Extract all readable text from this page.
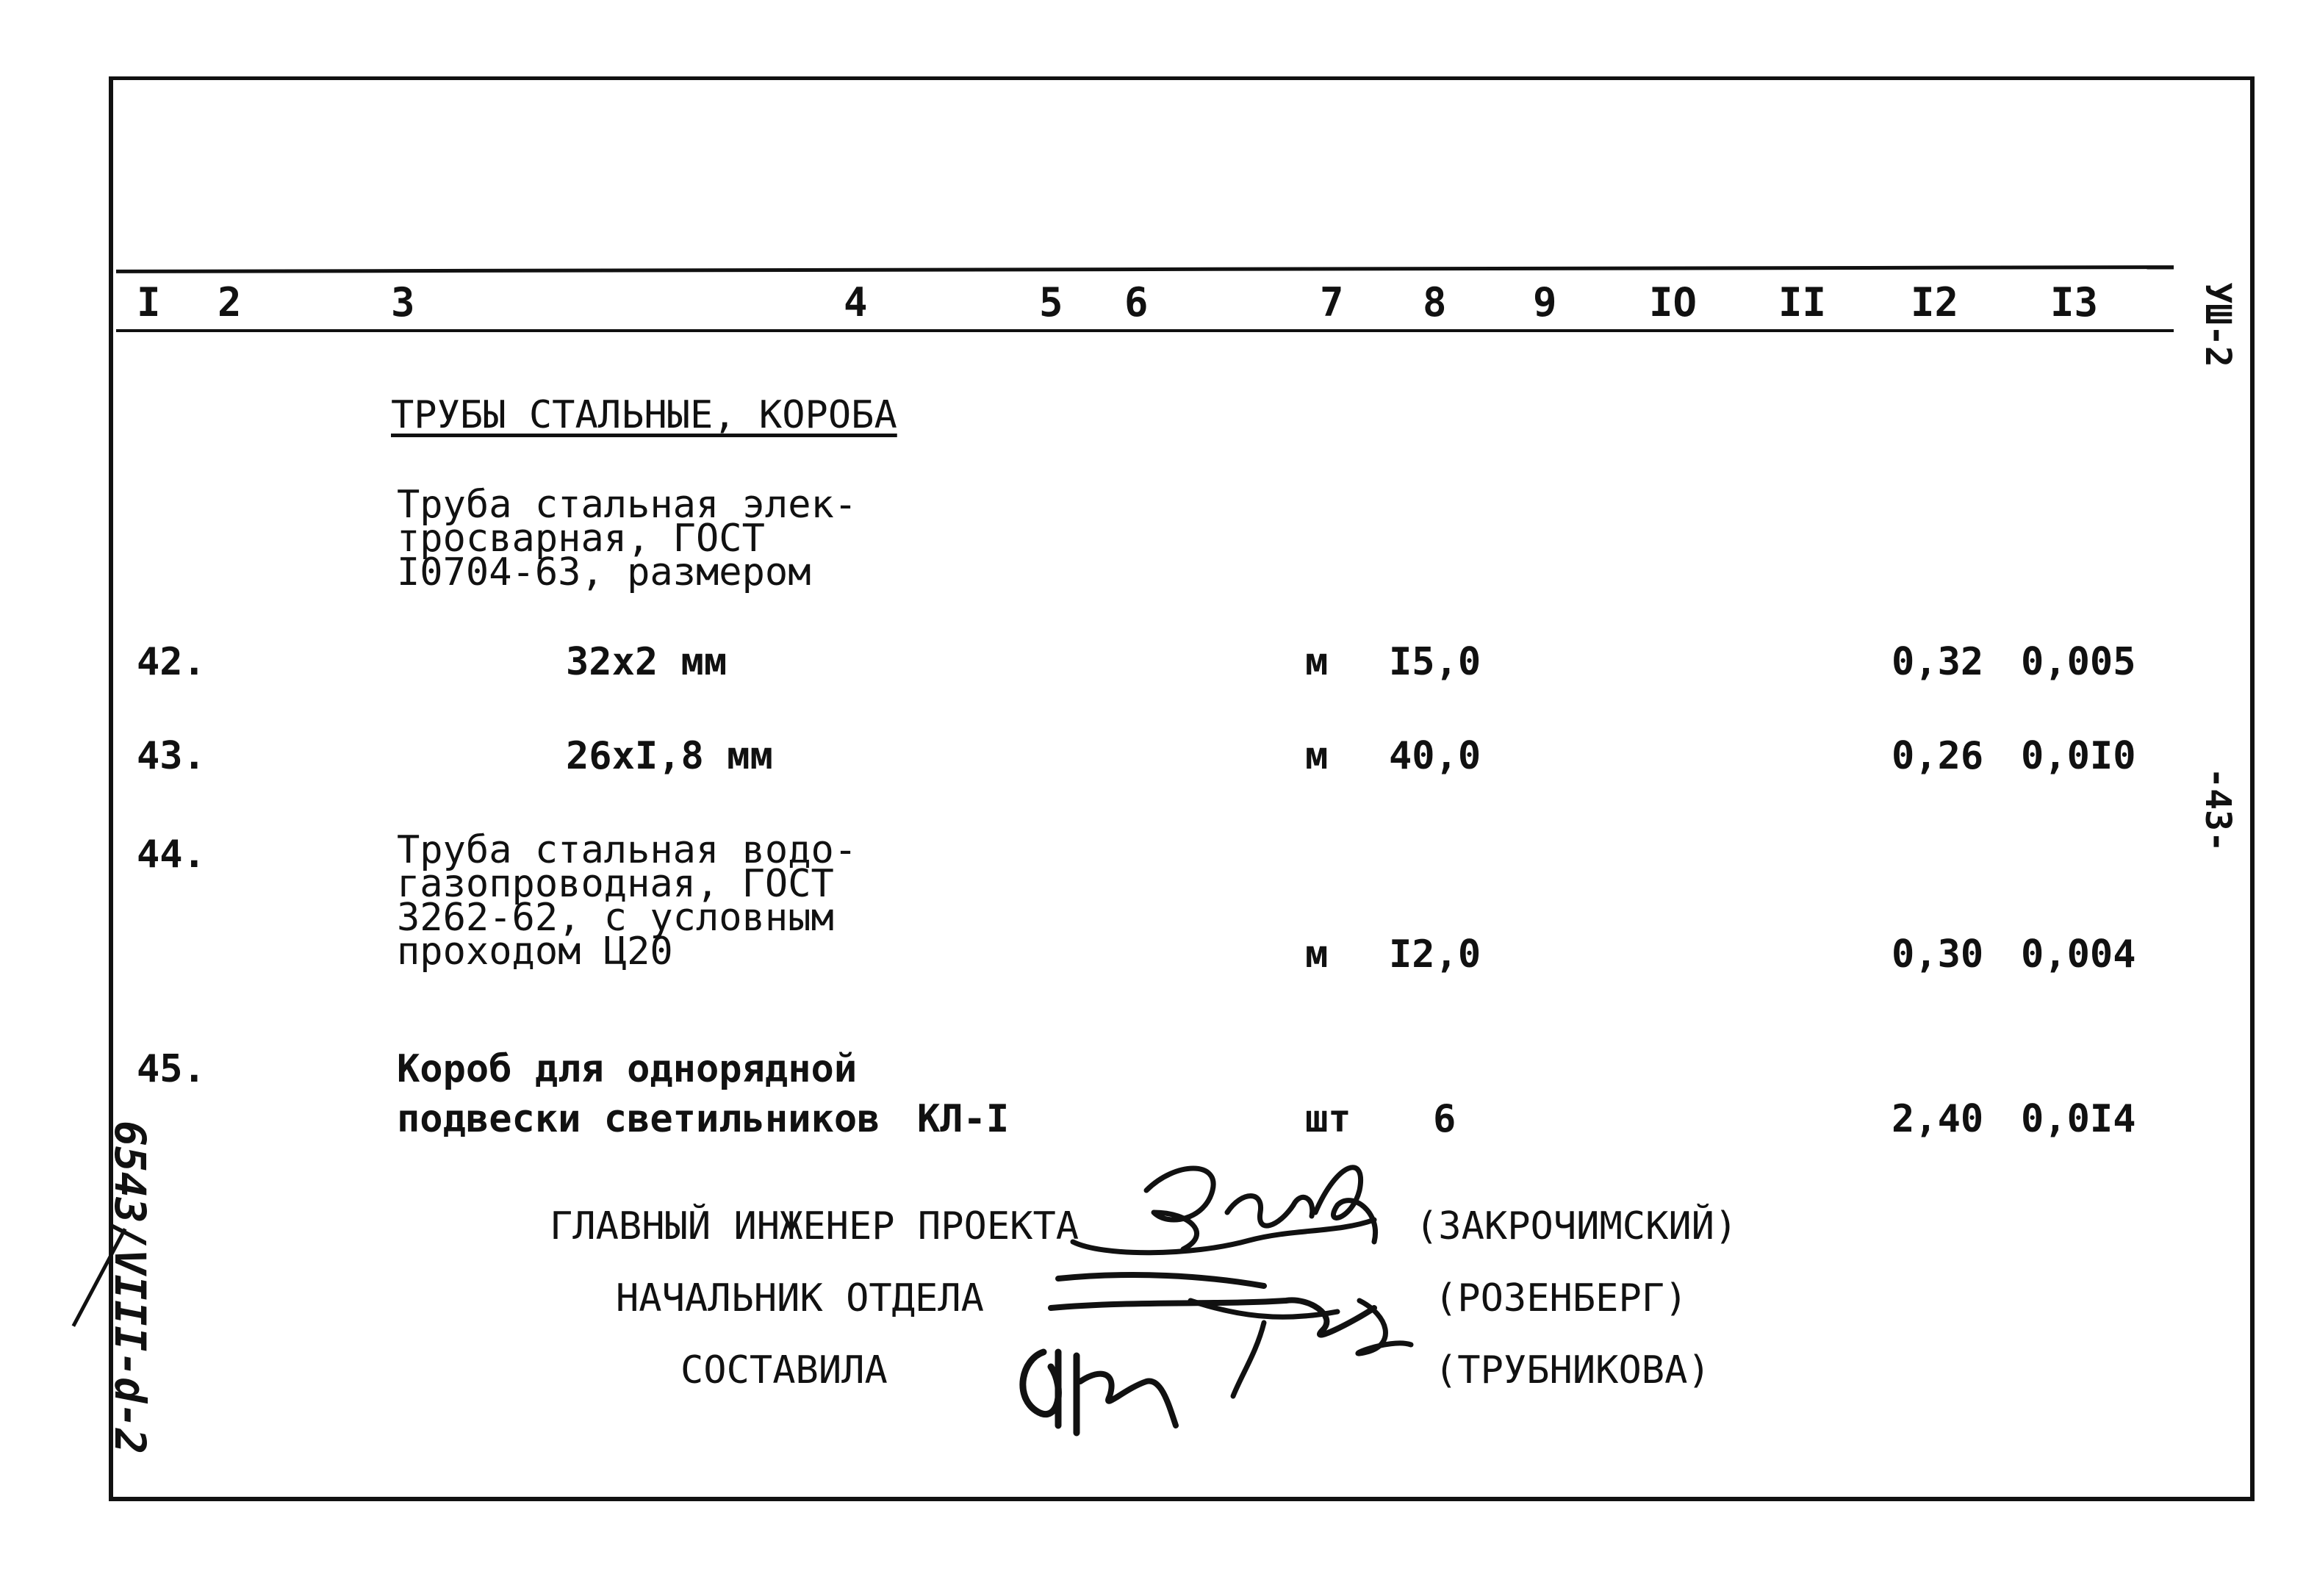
I 2	3	4	5 6	7 8 9 IO II I2 I3	УШ-2
-43-
6543/VIII-d-2
ТРУБЫ СТАЛЬНЫЕ, КОРОБА
Труба стальная элек-
тросварная, ГОСТ
I0704-63, размером
42.	32х2 мм	м I5,0	0,32 0,005
43.	26хI,8 мм	м 40,0	0,26 0,0I0
44.	Труба стальная водо-
газопроводная, ГОСТ
3262-62, с условным
проходом Ц20	м I2,0	0,30 0,004
45.	Короб для однорядной
подвески светильников КЛ-I	шт 6	2,40 0,0I4
ГЛАВНЫЙ ИНЖЕНЕР ПРОЕКТА	(ЗАКРОЧИМСКИЙ)
НАЧАЛЬНИК ОТДЕЛА	(РОЗЕНБЕРГ)
СОСТАВИЛА	(ТРУБНИКОВА)
